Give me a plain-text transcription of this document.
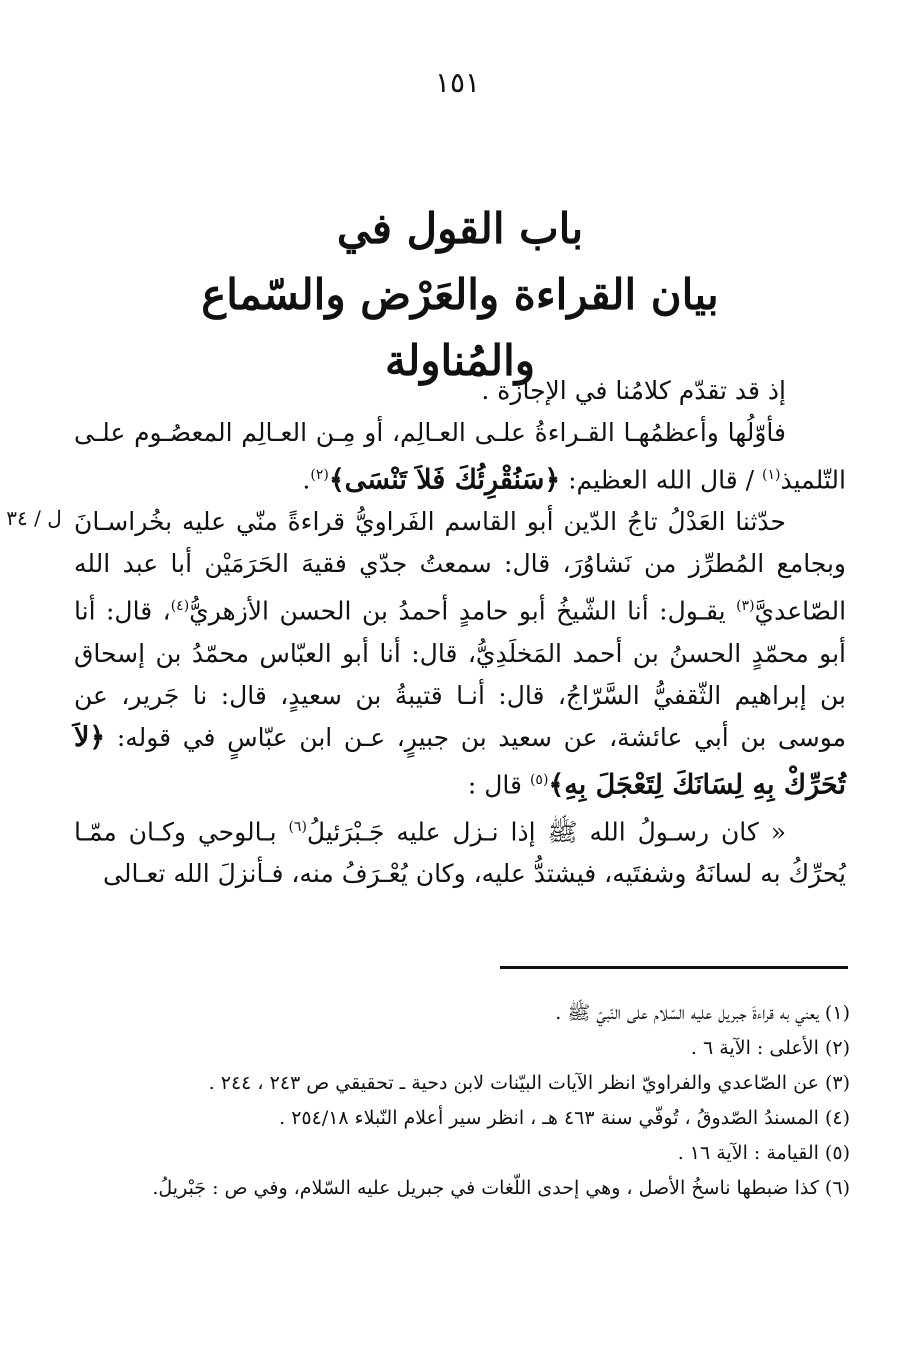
١٥١
باب القول في
بيان القراءة والعَرْض والسّماع والمُناولة
ل / ٣٤

إذ قد تقدّم كلامُنا في الإجازة .

فأوّلُها وأعظمُهـا القـراءةُ علـى العـالِم، أو مِـن العـالِم المعصُـوم علـى التّلميذ$^{(١)}$ / قال الله العظيم: ﴿سَنُقْرِئُكَ فَلاَ تَنْسَى﴾$^{(٢)}$.

حدّثنا العَدْلُ تاجُ الدّين أبو القاسم الفَراويُّ قراءةً منّي عليه بخُراسـانَ وبجامع المُطرِّز من نَشاوُرَ، قال: سمعتُ جدّي فقيهَ الحَرَمَيْن أبا عبد الله الصّاعديَّ$^{(٣)}$ يقـول: أنا الشّيخُ أبو حامدٍ أحمدُ بن الحسن الأزهريُّ$^{(٤)}$، قال: أنا أبو محمّدٍ الحسنُ بن أحمد المَخلَدِيُّ، قال: أنا أبو العبّاس محمّدُ بن إسحاق بن إبراهيم الثّقفيُّ السَّرّاجُ، قال: أنـا قتيبةُ بن سعيدٍ، قال: نا جَرير، عن موسى بن أبي عائشة، عن سعيد بن جبيرٍ، عـن ابن عبّاسٍ في قوله: ﴿لاَ تُحَرِّكْ بِهِ لِسَانَكَ لِتَعْجَلَ بِهِ﴾$^{(٥)}$ قال :

« كان رسـولُ الله ﷺ إذا نـزل عليه جَـبْرَئيلُ$^{(٦)}$ بـالوحي وكـان ممّـا يُحرِّكُ به لسانَهُ وشفتَيه، فيشتدُّ عليه، وكان يُعْـرَفُ منه، فـأنزلَ الله تعـالى

(١) يعني به قراءةَ جبريل عليه السّلام على النّبيّ ﷺ .
(٢) الأعلى : الآية ٦ .
(٣) عن الصّاعدي والفراويّ انظر الآيات البيّنات لابن دحية ـ تحقيقي ص ٢٤٣ ، ٢٤٤ .
(٤) المسندُ الصّدوقُ ، تُوفّي سنة ٤٦٣ هـ ، انظر سير أعلام النّبلاء ٢٥٤/١٨ .
(٥) القيامة : الآية ١٦ .
(٦) كذا ضبطها ناسخُ الأصل ، وهي إحدى اللّغات في جبريل عليه السّلام، وفي ص : جَبْريلُ.
